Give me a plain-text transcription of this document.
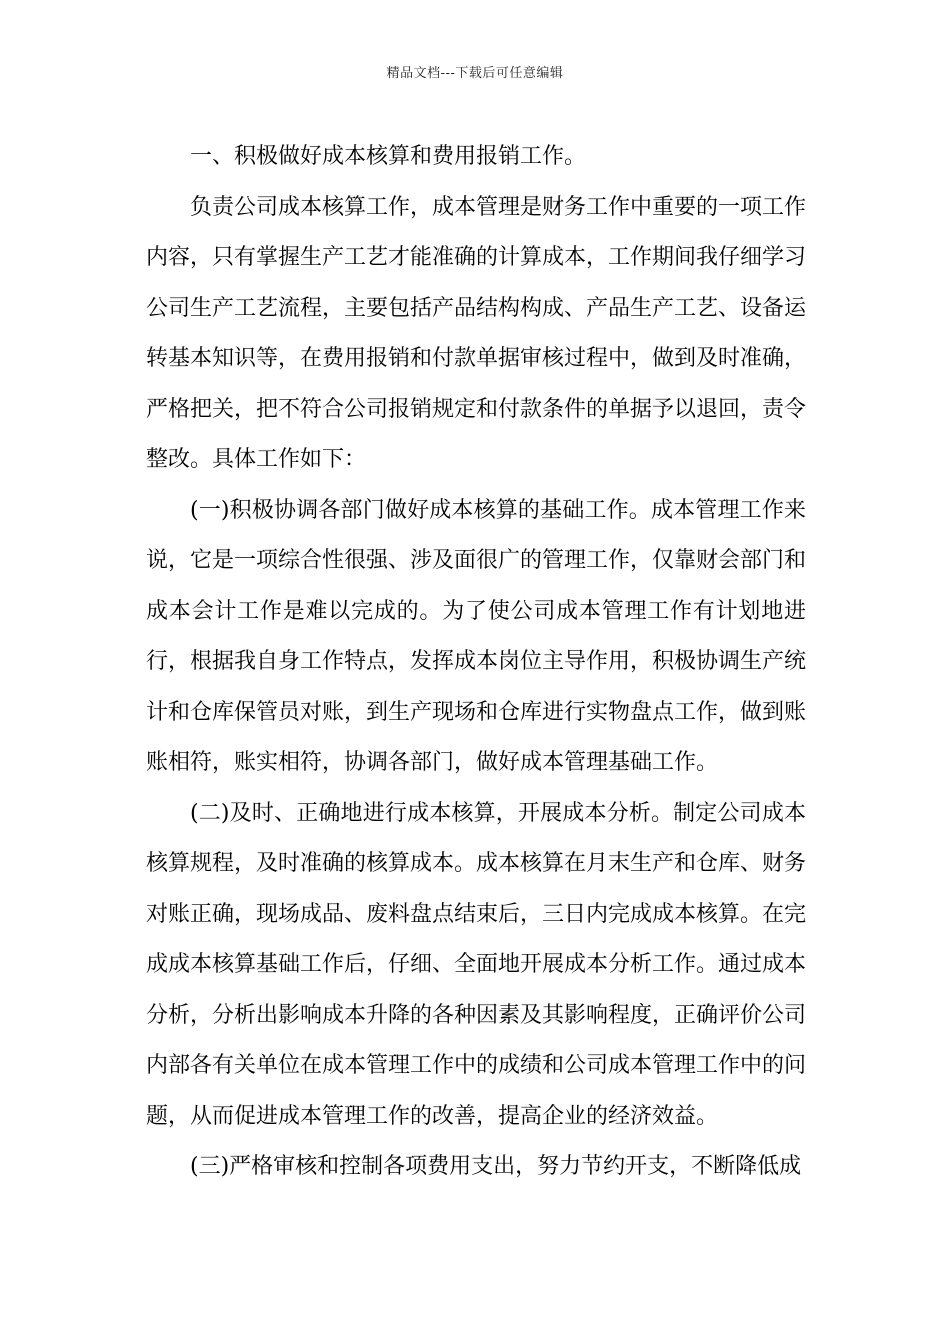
精品文档---下载后可任意编辑

一、积极做好成本核算和费用报销工作。

负责公司成本核算工作，成本管理是财务工作中重要的一项工作内容，只有掌握生产工艺才能准确的计算成本，工作期间我仔细学习公司生产工艺流程，主要包括产品结构构成、产品生产工艺、设备运转基本知识等，在费用报销和付款单据审核过程中，做到及时准确，严格把关，把不符合公司报销规定和付款条件的单据予以退回，责令整改。具体工作如下：

(一)积极协调各部门做好成本核算的基础工作。成本管理工作来说，它是一项综合性很强、涉及面很广的管理工作，仅靠财会部门和成本会计工作是难以完成的。为了使公司成本管理工作有计划地进行，根据我自身工作特点，发挥成本岗位主导作用，积极协调生产统计和仓库保管员对账，到生产现场和仓库进行实物盘点工作，做到账账相符，账实相符，协调各部门，做好成本管理基础工作。

(二)及时、正确地进行成本核算，开展成本分析。制定公司成本核算规程，及时准确的核算成本。成本核算在月末生产和仓库、财务对账正确，现场成品、废料盘点结束后，三日内完成成本核算。在完成成本核算基础工作后，仔细、全面地开展成本分析工作。通过成本分析，分析出影响成本升降的各种因素及其影响程度，正确评价公司内部各有关单位在成本管理工作中的成绩和公司成本管理工作中的问题，从而促进成本管理工作的改善，提高企业的经济效益。

(三)严格审核和控制各项费用支出，努力节约开支，不断降低成
